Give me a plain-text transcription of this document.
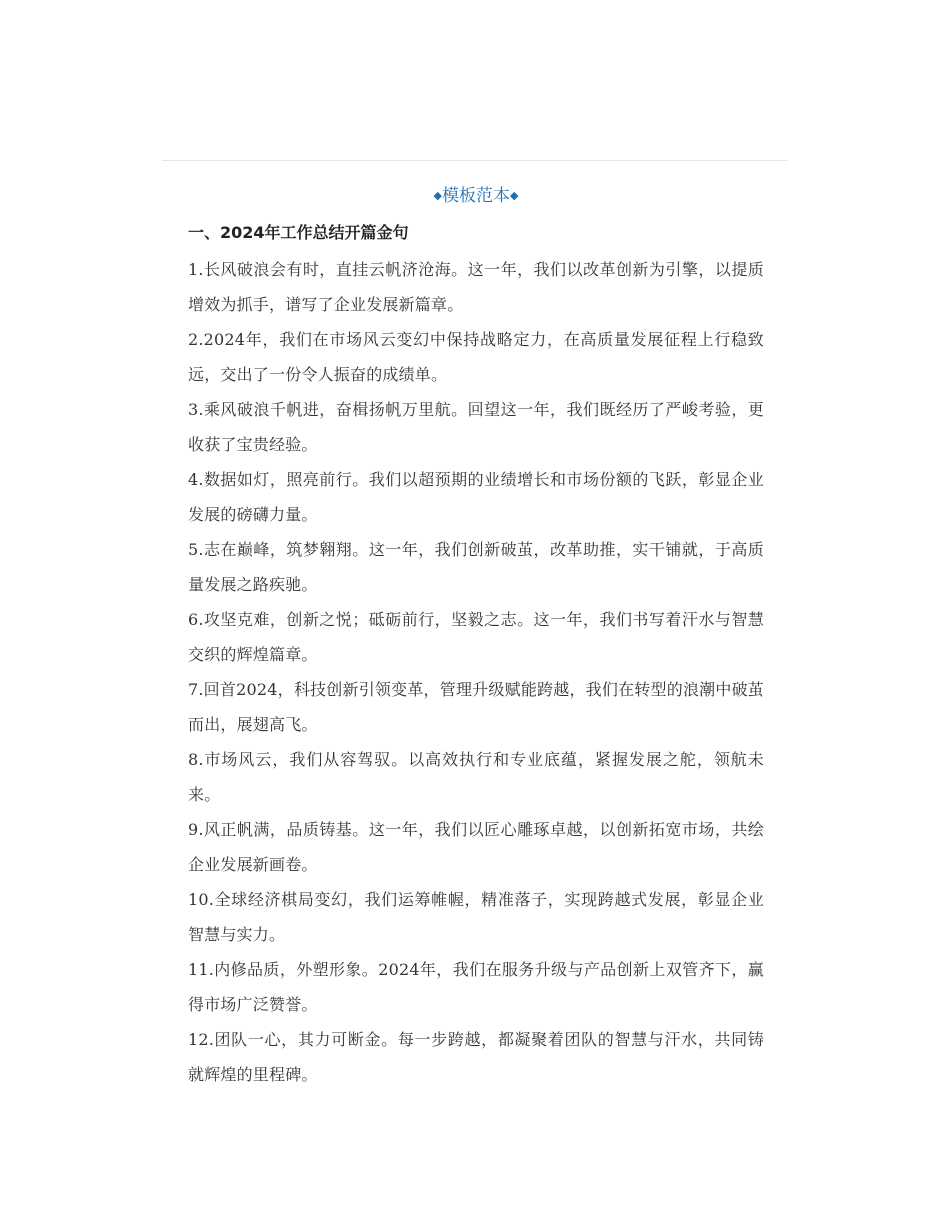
◆模板范本◆
一、2024年工作总结开篇金句

1.长风破浪会有时，直挂云帆济沧海。这一年，我们以改革创新为引擎，以提质增效为抓手，谱写了企业发展新篇章。

2.2024年，我们在市场风云变幻中保持战略定力，在高质量发展征程上行稳致远，交出了一份令人振奋的成绩单。

3.乘风破浪千帆进，奋楫扬帆万里航。回望这一年，我们既经历了严峻考验，更收获了宝贵经验。

4.数据如灯，照亮前行。我们以超预期的业绩增长和市场份额的飞跃，彰显企业发展的磅礴力量。

5.志在巅峰，筑梦翱翔。这一年，我们创新破茧，改革助推，实干铺就，于高质量发展之路疾驰。

6.攻坚克难，创新之悦；砥砺前行，坚毅之志。这一年，我们书写着汗水与智慧交织的辉煌篇章。

7.回首2024，科技创新引领变革，管理升级赋能跨越，我们在转型的浪潮中破茧而出，展翅高飞。

8.市场风云，我们从容驾驭。以高效执行和专业底蕴，紧握发展之舵，领航未来。

9.风正帆满，品质铸基。这一年，我们以匠心雕琢卓越，以创新拓宽市场，共绘企业发展新画卷。

10.全球经济棋局变幻，我们运筹帷幄，精准落子，实现跨越式发展，彰显企业智慧与实力。

11.内修品质，外塑形象。2024年，我们在服务升级与产品创新上双管齐下，赢得市场广泛赞誉。

12.团队一心，其力可断金。每一步跨越，都凝聚着团队的智慧与汗水，共同铸就辉煌的里程碑。
